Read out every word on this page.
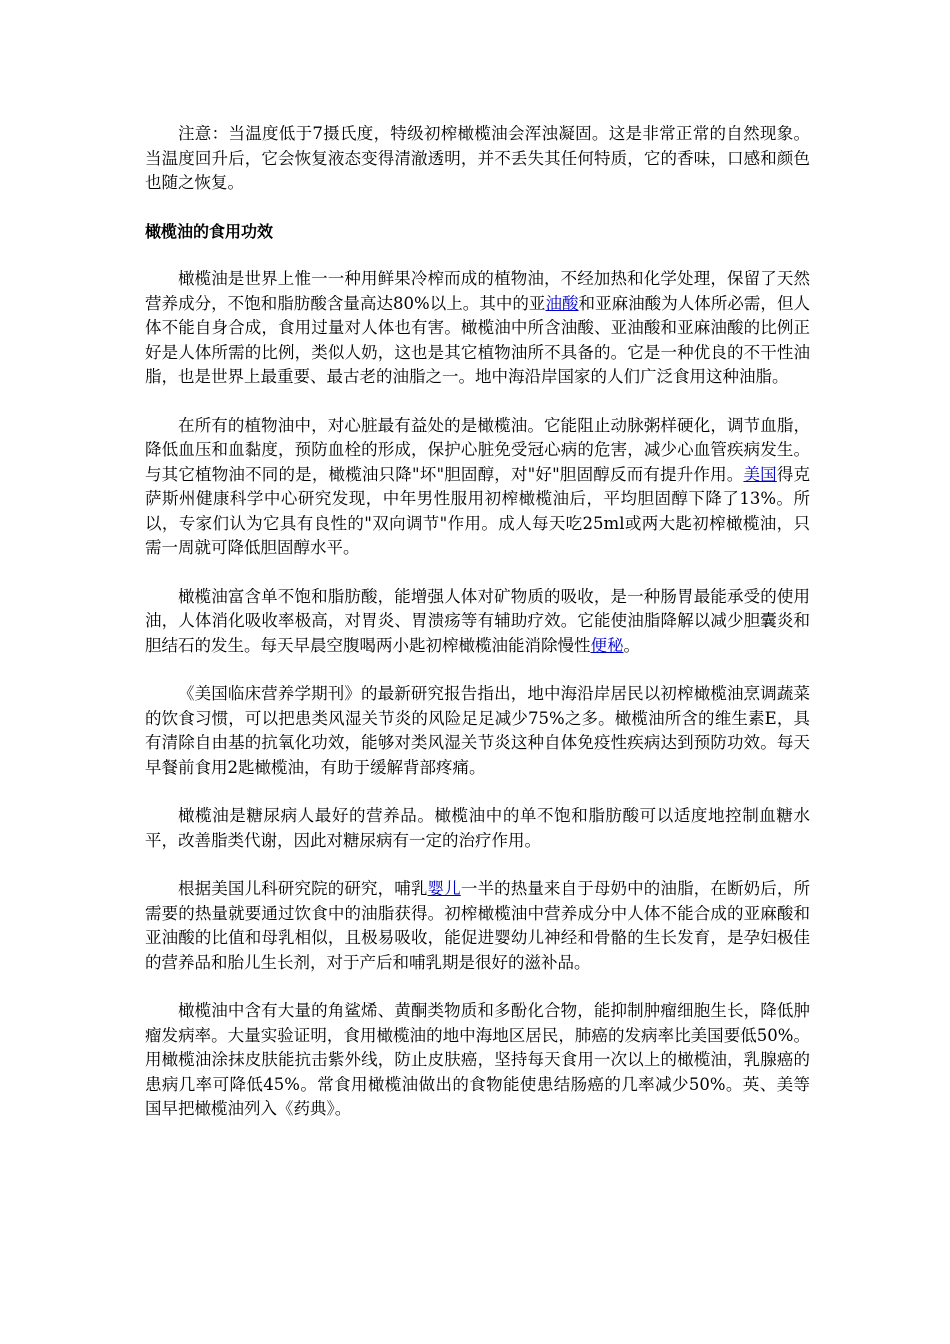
注意：当温度低于7摄氏度，特级初榨橄榄油会浑浊凝固。这是非常正常的自然现象。当温度回升后，它会恢复液态变得清澈透明，并不丢失其任何特质，它的香味，口感和颜色也随之恢复。

橄榄油的食用功效

橄榄油是世界上惟一一种用鲜果冷榨而成的植物油，不经加热和化学处理，保留了天然营养成分，不饱和脂肪酸含量高达80%以上。其中的亚油酸和亚麻油酸为人体所必需，但人体不能自身合成，食用过量对人体也有害。橄榄油中所含油酸、亚油酸和亚麻油酸的比例正好是人体所需的比例，类似人奶，这也是其它植物油所不具备的。它是一种优良的不干性油脂，也是世界上最重要、最古老的油脂之一。地中海沿岸国家的人们广泛食用这种油脂。

在所有的植物油中，对心脏最有益处的是橄榄油。它能阻止动脉粥样硬化，调节血脂，降低血压和血黏度，预防血栓的形成，保护心脏免受冠心病的危害，减少心血管疾病发生。与其它植物油不同的是，橄榄油只降"坏"胆固醇，对"好"胆固醇反而有提升作用。美国得克萨斯州健康科学中心研究发现，中年男性服用初榨橄榄油后，平均胆固醇下降了13%。所以，专家们认为它具有良性的"双向调节"作用。成人每天吃25ml或两大匙初榨橄榄油，只需一周就可降低胆固醇水平。

橄榄油富含单不饱和脂肪酸，能增强人体对矿物质的吸收，是一种肠胃最能承受的使用油，人体消化吸收率极高，对胃炎、胃溃疡等有辅助疗效。它能使油脂降解以减少胆囊炎和胆结石的发生。每天早晨空腹喝两小匙初榨橄榄油能消除慢性便秘。

《美国临床营养学期刊》的最新研究报告指出，地中海沿岸居民以初榨橄榄油烹调蔬菜的饮食习惯，可以把患类风湿关节炎的风险足足减少75%之多。橄榄油所含的维生素E，具有清除自由基的抗氧化功效，能够对类风湿关节炎这种自体免疫性疾病达到预防功效。每天早餐前食用2匙橄榄油，有助于缓解背部疼痛。

橄榄油是糖尿病人最好的营养品。橄榄油中的单不饱和脂肪酸可以适度地控制血糖水平，改善脂类代谢，因此对糖尿病有一定的治疗作用。

根据美国儿科研究院的研究，哺乳婴儿一半的热量来自于母奶中的油脂，在断奶后，所需要的热量就要通过饮食中的油脂获得。初榨橄榄油中营养成分中人体不能合成的亚麻酸和亚油酸的比值和母乳相似，且极易吸收，能促进婴幼儿神经和骨骼的生长发育，是孕妇极佳的营养品和胎儿生长剂，对于产后和哺乳期是很好的滋补品。

橄榄油中含有大量的角鲨烯、黄酮类物质和多酚化合物，能抑制肿瘤细胞生长，降低肿瘤发病率。大量实验证明，食用橄榄油的地中海地区居民，肺癌的发病率比美国要低50%。用橄榄油涂抹皮肤能抗击紫外线，防止皮肤癌，坚持每天食用一次以上的橄榄油，乳腺癌的患病几率可降低45%。常食用橄榄油做出的食物能使患结肠癌的几率减少50%。英、美等国早把橄榄油列入《药典》。
